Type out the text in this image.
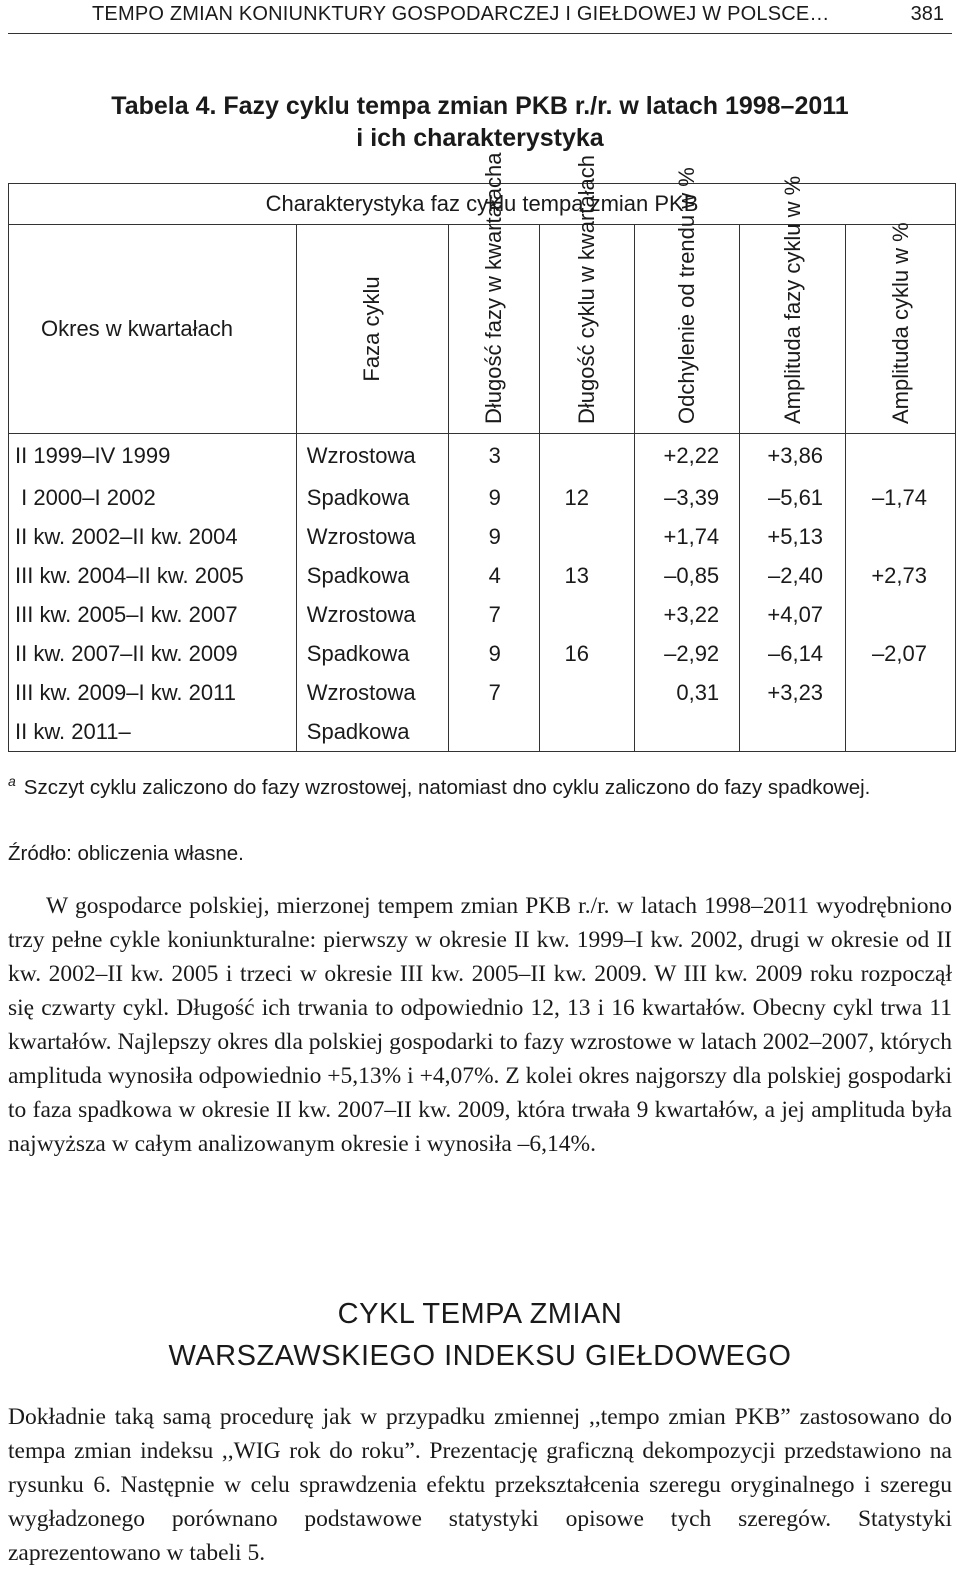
TEMPO ZMIAN KONIUNKTURY GOSPODARCZEJ I GIEŁDOWEJ W POLSCE…	381
Tabela 4. Fazy cyklu tempa zmian PKB r./r. w latach 1998–2011
i ich charakterystyka
Charakterystyka faz cyklu tempa zmian PKB						
Okres w kwartałach	Faza cyklu	Długość fazy w kwartałacha	Długość cyklu w kwartałach	Odchylenie od trendu w %	Amplituda fazy cyklu w %	Amplituda cyklu w %

II 1999–IV 1999	Wzrostowa	3		+2,22	+3,86	
I 2000–I 2002	Spadkowa	9	12	–3,39	–5,61	–1,74
II kw. 2002–II kw. 2004	Wzrostowa	9		+1,74	+5,13	
III kw. 2004–II kw. 2005	Spadkowa	4	13	–0,85	–2,40	+2,73
III kw. 2005–I kw. 2007	Wzrostowa	7		+3,22	+4,07	
II kw. 2007–II kw. 2009	Spadkowa	9	16	–2,92	–6,14	–2,07
III kw. 2009–I kw. 2011	Wzrostowa	7		0,31	+3,23	
II kw. 2011–	Spadkowa					
$^a$ Szczyt cyklu zaliczono do fazy wzrostowej, natomiast dno cyklu zaliczono do fazy spadkowej.
Źródło: obliczenia własne.
W gospodarce polskiej, mierzonej tempem zmian PKB r./r. w latach 1998–2011 wyodrębniono trzy pełne cykle koniunkturalne: pierwszy w okresie II kw. 1999–I kw. 2002, drugi w okresie od II kw. 2002–II kw. 2005 i trzeci w okresie III kw. 2005–II kw. 2009. W III kw. 2009 roku rozpoczął się czwarty cykl. Długość ich trwania to odpowiednio 12, 13 i 16 kwartałów. Obecny cykl trwa 11 kwartałów. Najlepszy okres dla polskiej gospodarki to fazy wzrostowe w latach 2002–2007, których amplituda wynosiła odpowiednio +5,13% i +4,07%. Z kolei okres najgorszy dla polskiej gospodarki to faza spadkowa w okresie II kw. 2007–II kw. 2009, która trwała 9 kwartałów, a jej amplituda była najwyższa w całym analizowanym okresie i wynosiła –6,14%.
CYKL TEMPA ZMIAN
WARSZAWSKIEGO INDEKSU GIEŁDOWEGO
Dokładnie taką samą procedurę jak w przypadku zmiennej ,,tempo zmian PKB” zastosowano do tempa zmian indeksu ,,WIG rok do roku”. Prezentację graficzną dekompozycji przedstawiono na rysunku 6. Następnie w celu sprawdzenia efektu przekształcenia szeregu oryginalnego i szeregu wygładzonego porównano podstawowe statystyki opisowe tych szeregów. Statystyki zaprezentowano w tabeli 5.
